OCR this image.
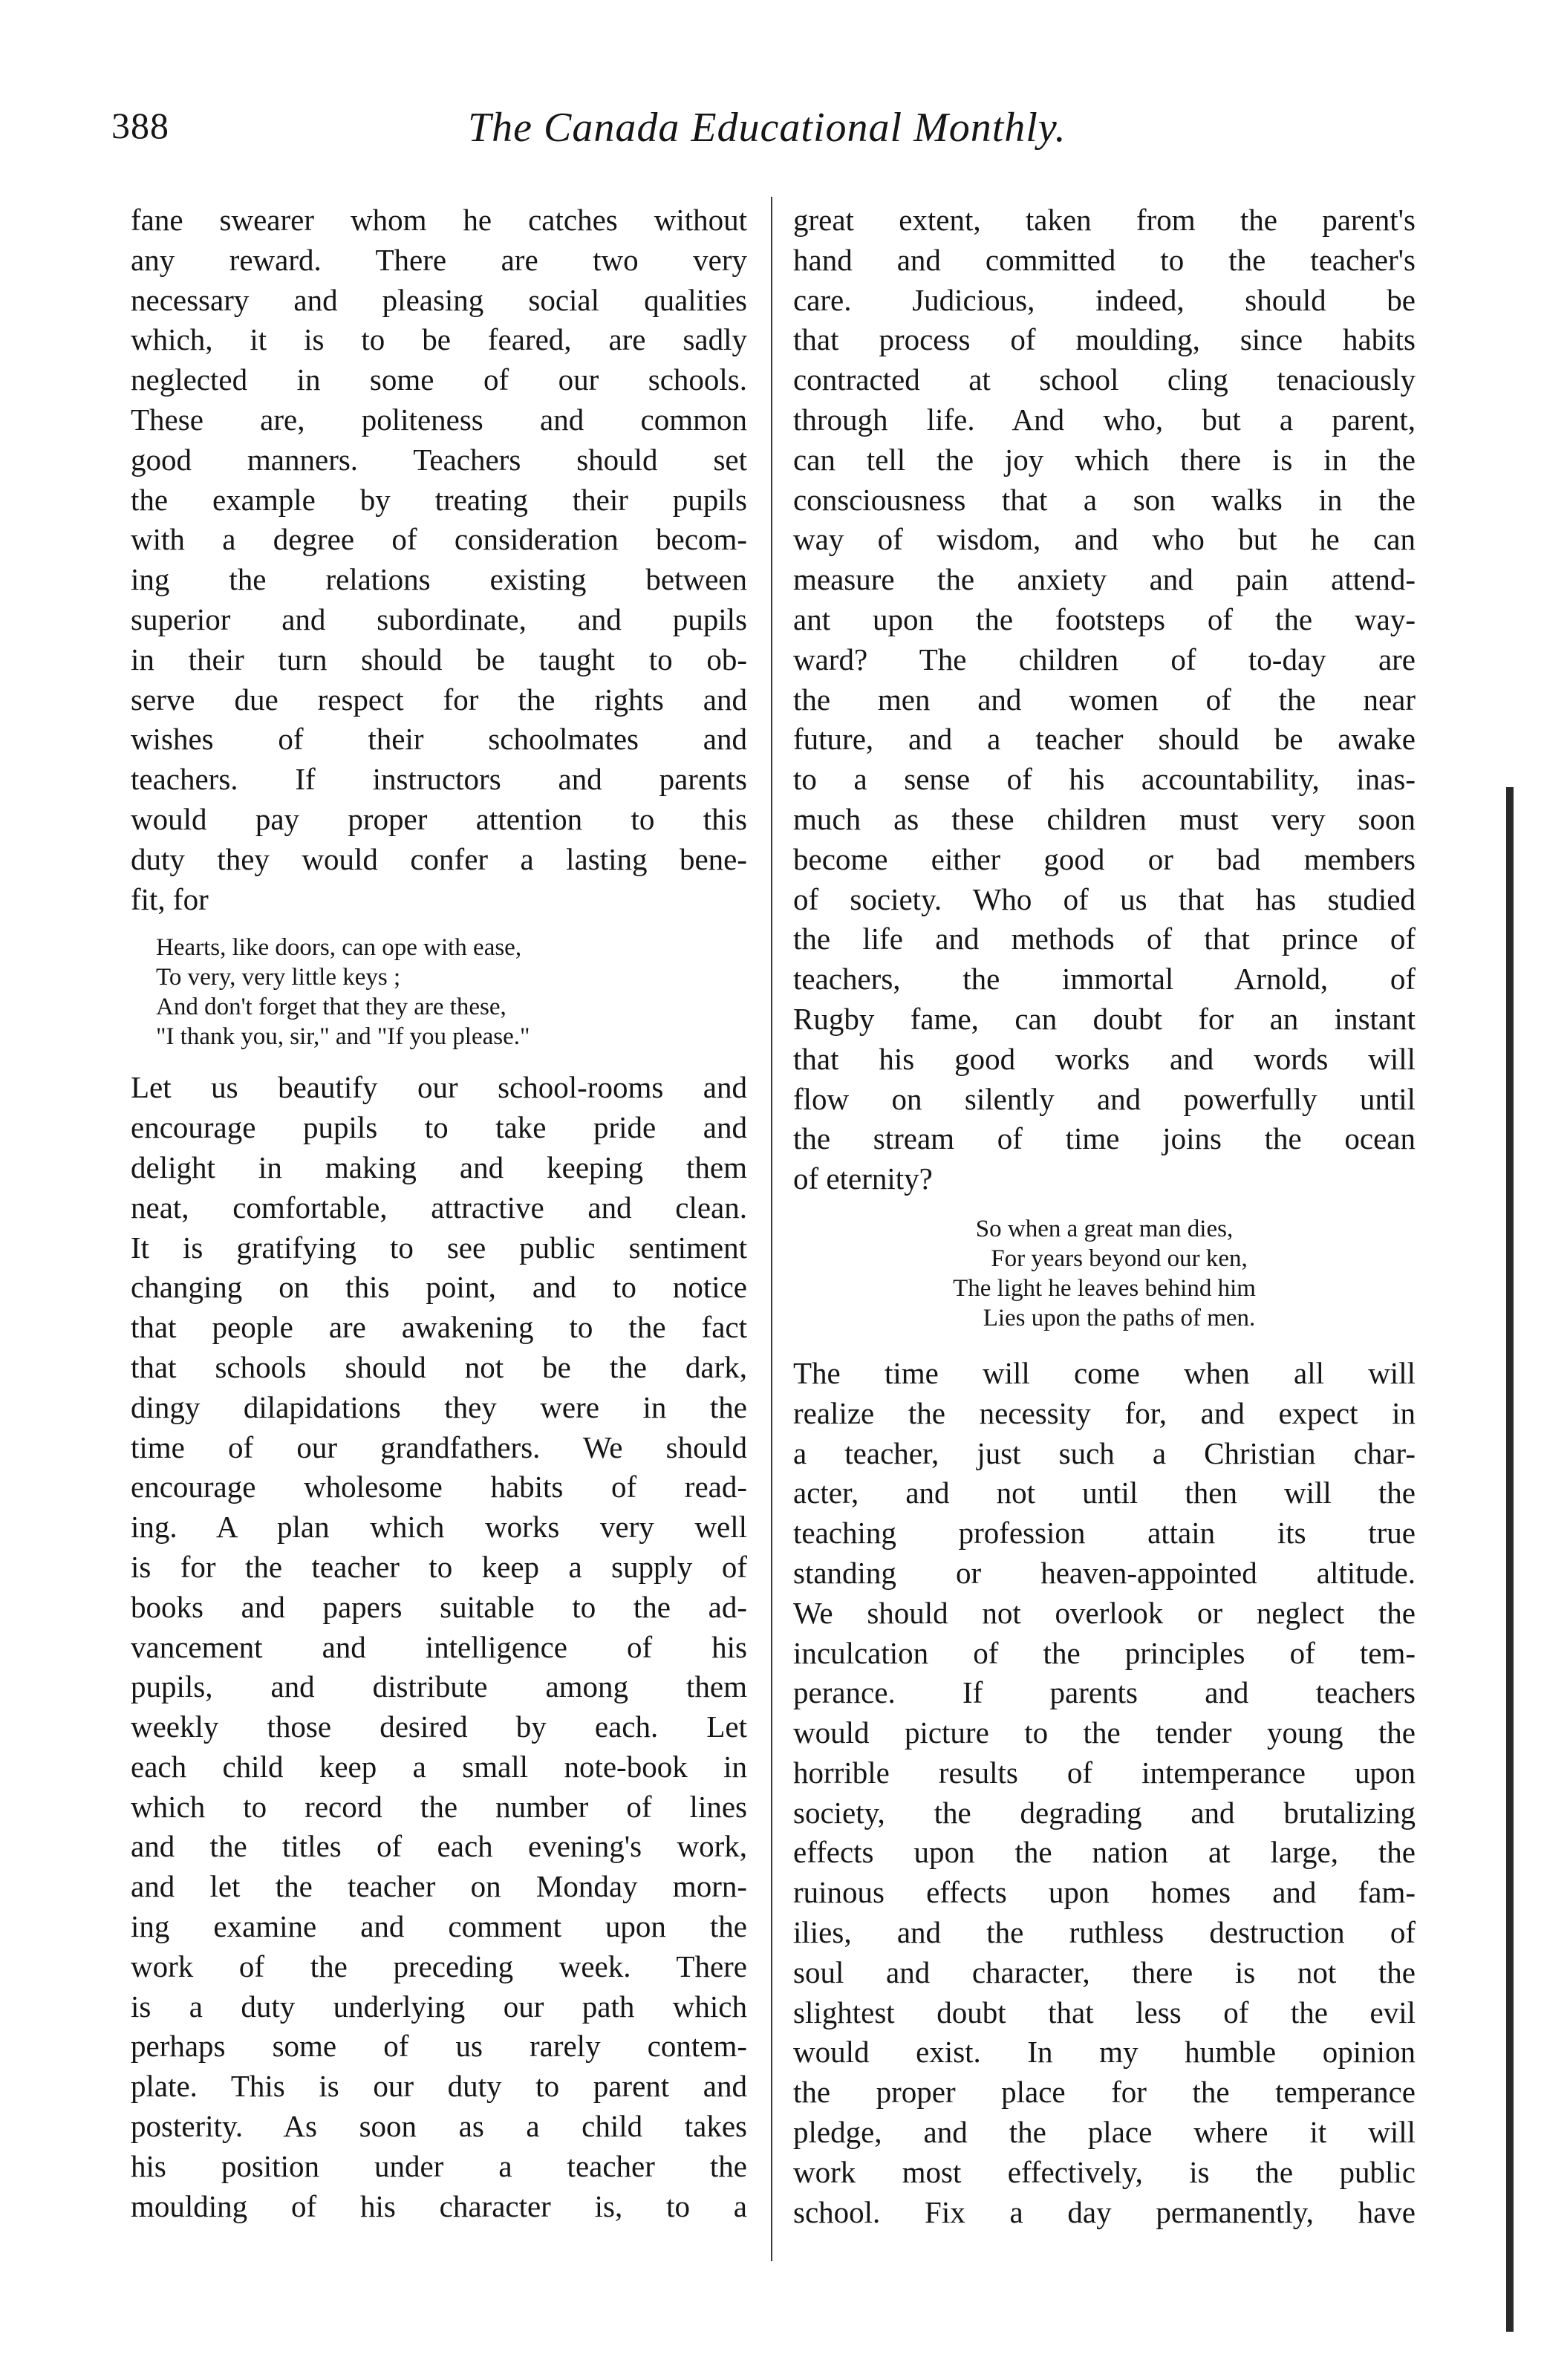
388	The Canada Educational Monthly.
fane swearer whom he catches without
any reward. There are two very
necessary and pleasing social qualities
which, it is to be feared, are sadly
neglected in some of our schools.
These are, politeness and common
good manners. Teachers should set
the example by treating their pupils
with a degree of consideration becom-
ing the relations existing between
superior and subordinate, and pupils
in their turn should be taught to ob-
serve due respect for the rights and
wishes of their schoolmates and
teachers. If instructors and parents
would pay proper attention to this
duty they would confer a lasting bene-
fit, for
Hearts, like doors, can ope with ease,
To very, very little keys ;
And don't forget that they are these,
"I thank you, sir," and "If you please."
Let us beautify our school-rooms and
encourage pupils to take pride and
delight in making and keeping them
neat, comfortable, attractive and clean.
It is gratifying to see public sentiment
changing on this point, and to notice
that people are awakening to the fact
that schools should not be the dark,
dingy dilapidations they were in the
time of our grandfathers. We should
encourage wholesome habits of read-
ing. A plan which works very well
is for the teacher to keep a supply of
books and papers suitable to the ad-
vancement and intelligence of his
pupils, and distribute among them
weekly those desired by each. Let
each child keep a small note-book in
which to record the number of lines
and the titles of each evening's work,
and let the teacher on Monday morn-
ing examine and comment upon the
work of the preceding week. There
is a duty underlying our path which
perhaps some of us rarely contem-
plate. This is our duty to parent and
posterity. As soon as a child takes
his position under a teacher the
moulding of his character is, to a
great extent, taken from the parent's
hand and committed to the teacher's
care. Judicious, indeed, should be
that process of moulding, since habits
contracted at school cling tenaciously
through life. And who, but a parent,
can tell the joy which there is in the
consciousness that a son walks in the
way of wisdom, and who but he can
measure the anxiety and pain attend-
ant upon the footsteps of the way-
ward? The children of to-day are
the men and women of the near
future, and a teacher should be awake
to a sense of his accountability, inas-
much as these children must very soon
become either good or bad members
of society. Who of us that has studied
the life and methods of that prince of
teachers, the immortal Arnold, of
Rugby fame, can doubt for an instant
that his good works and words will
flow on silently and powerfully until
the stream of time joins the ocean
of eternity?
So when a great man dies,
For years beyond our ken,
The light he leaves behind him
Lies upon the paths of men.
The time will come when all will
realize the necessity for, and expect in
a teacher, just such a Christian char-
acter, and not until then will the
teaching profession attain its true
standing or heaven-appointed altitude.
We should not overlook or neglect the
inculcation of the principles of tem-
perance. If parents and teachers
would picture to the tender young the
horrible results of intemperance upon
society, the degrading and brutalizing
effects upon the nation at large, the
ruinous effects upon homes and fam-
ilies, and the ruthless destruction of
soul and character, there is not the
slightest doubt that less of the evil
would exist. In my humble opinion
the proper place for the temperance
pledge, and the place where it will
work most effectively, is the public
school. Fix a day permanently, have
